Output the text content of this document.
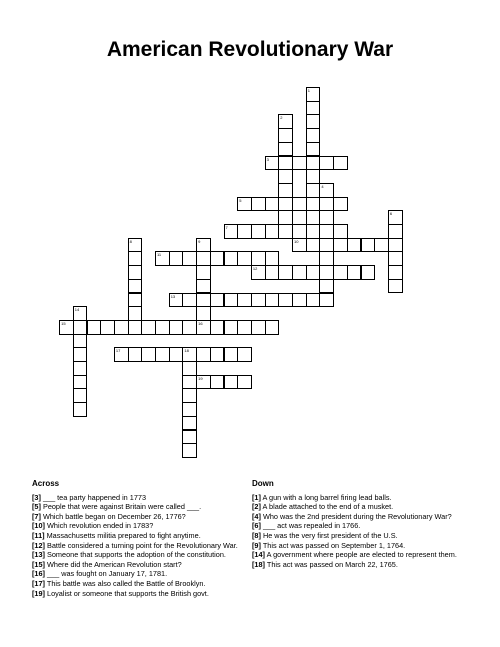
American Revolutionary War
1
2
3
4
5
6
7
8	9	10
11
12
13
14
15	16
17	18
19
Across
[3] ___ tea party happened in 1773
[5] People that were against Britain were called ___.
[7] Which battle began on December 26, 1776?
[10] Which revolution ended in 1783?
[11] Massachusetts militia prepared to fight anytime.
[12] Battle considered a turning point for the Revolutionary War.
[13] Someone that supports the adoption of the constitution.
[15] Where did the American Revolution start?
[16] ___ was fought on January 17, 1781.
[17] This battle was also called the Battle of Brooklyn.
[19] Loyalist or someone that supports the British govt.
Down
[1] A gun with a long barrel firing lead balls.
[2] A blade attached to the end of a musket.
[4] Who was the 2nd president during the Revolutionary War?
[6] ___ act was repealed in 1766.
[8] He was the very first president of the U.S.
[9] This act was passed on September 1, 1764.
[14] A government where people are elected to represent them.
[18] This act was passed on March 22, 1765.
